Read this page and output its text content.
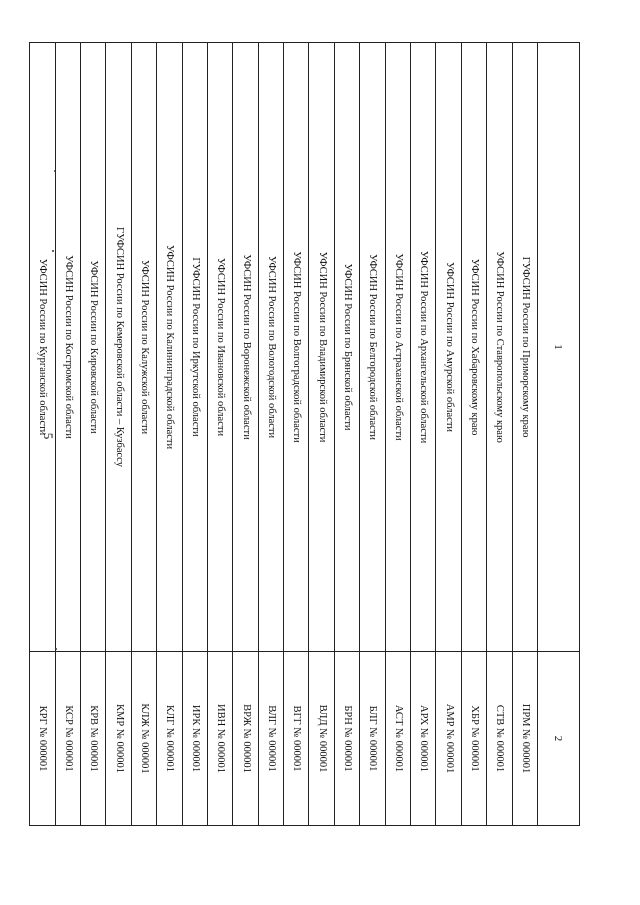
5
1	2
ГУФСИН России по Приморскому краю	ПРМ № 000001
УФСИН России по Ставропольскому краю	СТВ № 000001
УФСИН России по Хабаровскому краю	ХБР № 000001
УФСИН России по Амурской области	АМР № 000001
УФСИН России по Архангельской области	АРХ № 000001
УФСИН России по Астраханской области	АСТ № 000001
УФСИН России по Белгородской области	БЛГ № 000001
УФСИН России по Брянской области	БРН № 000001
УФСИН России по Владимирской области	ВЛД № 000001
УФСИН России по Волгоградской области	ВГГ № 000001
УФСИН России по Вологодской области	ВЛГ № 000001
УФСИН России по Воронежской области	ВРЖ № 000001
УФСИН России по Ивановской области	ИВН № 000001
ГУФСИН России по Иркутской области	ИРК № 000001
УФСИН России по Калининградской области	КЛГ № 000001
УФСИН России по Калужской области	КЛЖ № 000001
ГУФСИН России по Кемеровской области – Кузбассу	КМР № 000001
УФСИН России по Кировской области	КРВ № 000001
УФСИН России по Костромской области	КСР № 000001
УФСИН России по Курганской области	КРГ № 000001
